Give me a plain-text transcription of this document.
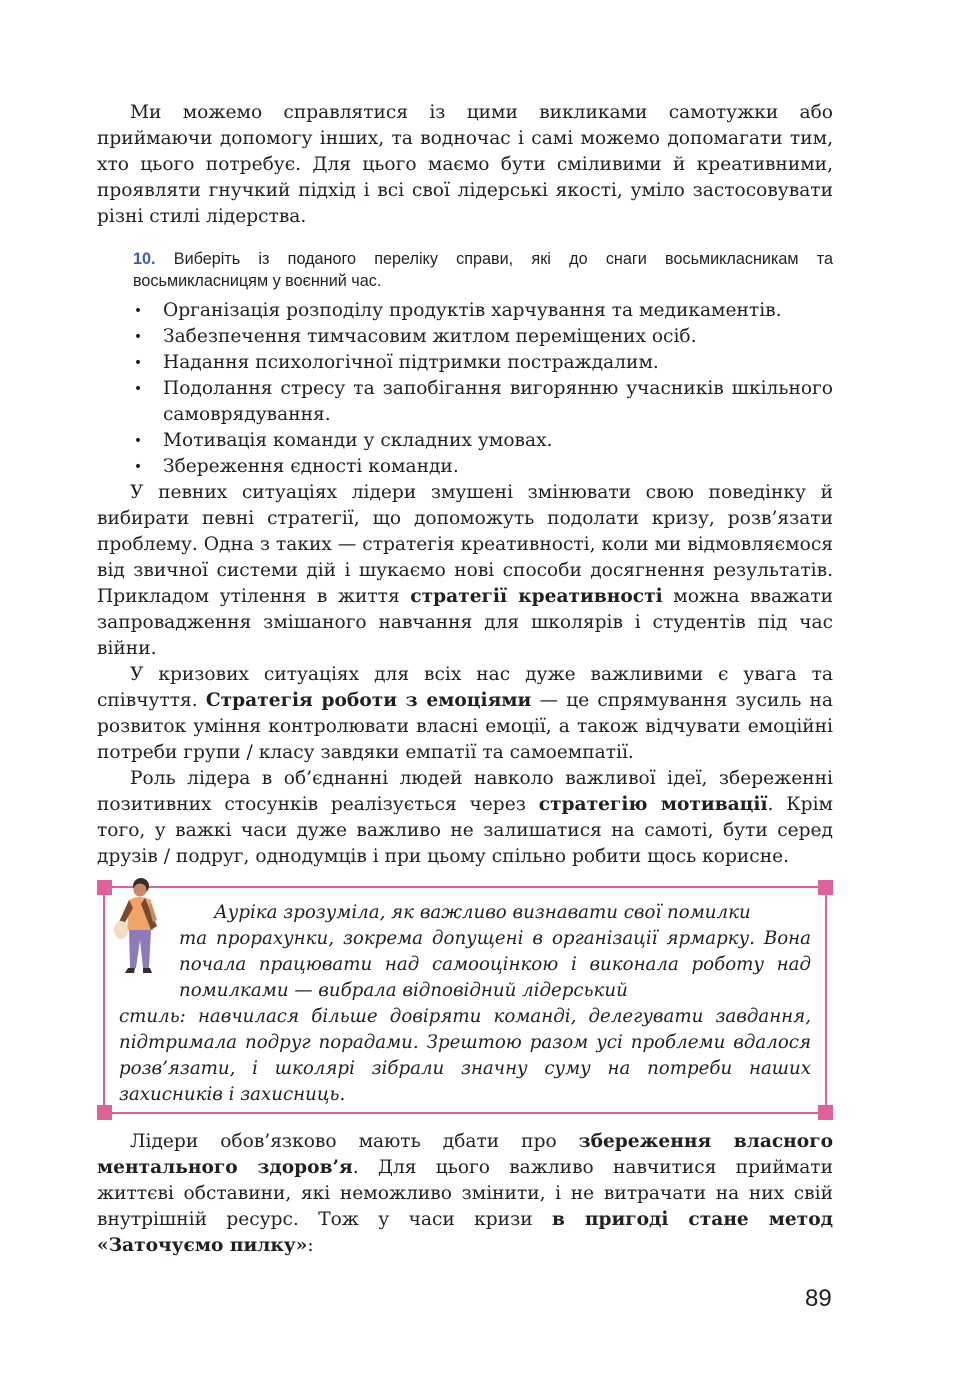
Ми можемо справлятися із цими викликами самотужки або приймаючи допомогу інших, та водночас і самі можемо допомагати тим, хто цього потребує. Для цього маємо бути сміливими й креативними, проявляти гнучкий підхід і всі свої лідерські якості, уміло застосовувати різні стилі лідерства.

10. Виберіть із поданого переліку справи, які до снаги восьмикласникам та восьмикласницям у воєнний час.
• Організація розподілу продуктів харчування та медикаментів.
• Забезпечення тимчасовим житлом переміщених осіб.
• Надання психологічної підтримки постраждалим.
• Подолання стресу та запобігання вигорянню учасників шкільного самоврядування.
• Мотивація команди у складних умовах.
• Збереження єдності команди.

У певних ситуаціях лідери змушені змінювати свою поведінку й вибирати певні стратегії, що допоможуть подолати кризу, розв’язати проблему. Одна з таких — стратегія креативності, коли ми відмовляємося від звичної системи дій і шукаємо нові способи досягнення результатів. Прикладом утілення в життя стратегії креативності можна вважати запровадження змішаного навчання для школярів і студентів під час війни.

У кризових ситуаціях для всіх нас дуже важливими є увага та співчуття. Стратегія роботи з емоціями — це спрямування зусиль на розвиток уміння контролювати власні емоції, а також відчувати емоційні потреби групи / класу завдяки емпатії та самоемпатії.

Роль лідера в об’єднанні людей навколо важливої ідеї, збереженні позитивних стосунків реалізується через стратегію мотивації. Крім того, у важкі часи дуже важливо не залишатися на самоті, бути серед друзів / подруг, однодумців і при цьому спільно робити щось корисне.

Ауріка зрозуміла, як важливо визнавати свої помилки
та прорахунки, зокрема допущені в організації ярмарку. Вона почала працювати над самооцінкою і виконала роботу над помилками — вибрала відповідний лідерський
стиль: навчилася більше довіряти команді, делегувати завдання, підтримала подруг порадами. Зрештою разом усі проблеми вдалося розв’язати, і школярі зібрали значну суму на потреби наших захисників і захисниць.

Лідери обов’язково мають дбати про збереження власного ментального здоров’я. Для цього важливо навчитися приймати життєві обставини, які неможливо змінити, і не витрачати на них свій внутрішній ресурс. Тож у часи кризи в пригоді стане метод «Заточуємо пилку»:

89
